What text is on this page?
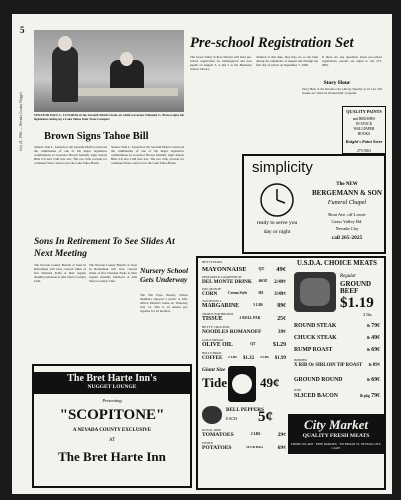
5
July 21, 1966 — Nevada County Nugget	SENATOR PAUL L. LUNARDI of the Seventh District looks on while Governor Edmund G. Brown signs his legislation setting up a Lake Tahoe Inter State Compact
Brown Signs Tahoe Bill
Senator Paul L. Lunardi of the Seventh District observed the culmination of one of his major legislative contributions as Governor Brown formally signs Senate Bills 6-8 and 1148 into law. The two bills provide for continued State control over the Lake Tahoe Basin.
Senator Paul L. Lunardi of the Seventh District observed the culmination of one of his major legislative contributions as Governor Brown formally signs Senate Bills 6-8 and 1148 into law. The two bills provide for continued State control over the Lake Tahoe Basin.
Sons In Retirement To See Slides At Next Meeting
The Nevada County Branch of Sons In Retirement will view colored slides of five National Parks at their regular monthly luncheon at Alta Sierra Country Club.
The Nevada County Branch of Sons In Retirement will view colored slides of five National Parks at their regular monthly luncheon at Alta Sierra Country Club.
Nursery School Gets Underway
The Taft Pope Nursery School members enjoyed a picnic at Mrs. Alfred Mellon's home on Thursday, July 14. This is an annual get-together for all mothers.
The Bret Harte Inn's
NUGGET LOUNGE
Presenting
"SCOPITONE"
A NEVADA COUNTY EXCLUSIVE
AT
The Bret Harte Inn
Pre-school Registration Set
The Grass Valley School District will hold pre-school registration for kindergarten and new pupils on August 3, 4 and 5 at the Hennessy School Library.
children at that time, they may do so any time during the remainder of August and through the first day of school on September 7, 1966.
If there are any questions about pre-school registration, parents are urged to call 273-6801.
Story Hour
Story Hour at the Nevada City Library Tuesday at 10 a.m. will feature an "Alice in Wonderland" program.
QUALITY PAINTS
and BRUSHES
IN STOCK
WALLPAPER
BOOKS
Knight's Paint Store
273-3563
simplicity
ready to serve you
day or night
The NEW
BERGEMANN & SON
Funeral Chapel
Boat Ave. off Lower
Grass Valley Rd.
Nevada City
call 265-2025
BEST FOODS
MAYONNAISE	QT 49¢
PINEAPPLE-GRAPEFRUIT
DEL MONTE DRINK 46OZ 2/49¢
DEL MONTE
CORN	Cream Style	303 3/49¢
TASTEWELL
MARGARINE	5 LBS 89¢
TRIPLE BATHROOM
TISSUE	2 ROLL PAK	25¢
BETTY CROCKER
NOODLES ROMANOFF	39¢
GOLD MEDAL
OLIVE OIL	QT	$1.29
HILLS BROS.
COFFEE 2 LBS $1.32 3 LBS $1.99
Giant Size
Tide	49¢
BELL PEPPERS
EACH 5¢
ROYAL RIPE
TOMATOES	2 LBS	29¢
WHITE
POTATOES	10 LB BAG	69¢
U.S.D.A. CHOICE MEATS
Regular
GROUND BEEF
$1.19
3 lbs
ROUND STEAK	lb 79¢
CHUCK STEAK	lb 49¢
RUMP ROAST	lb 69¢
Boneless
X RIB Or SIRLOIN TIP ROAST lb 89¢
GROUND ROUND	lb 69¢
Krey
SLICED BACON	lb pkg 79¢
City Market
QUALITY FRESH MEATS
PHONE 265-4285 · FREE PARKING · 305 BROAD ST. NEVADA CITY, CALIF.
